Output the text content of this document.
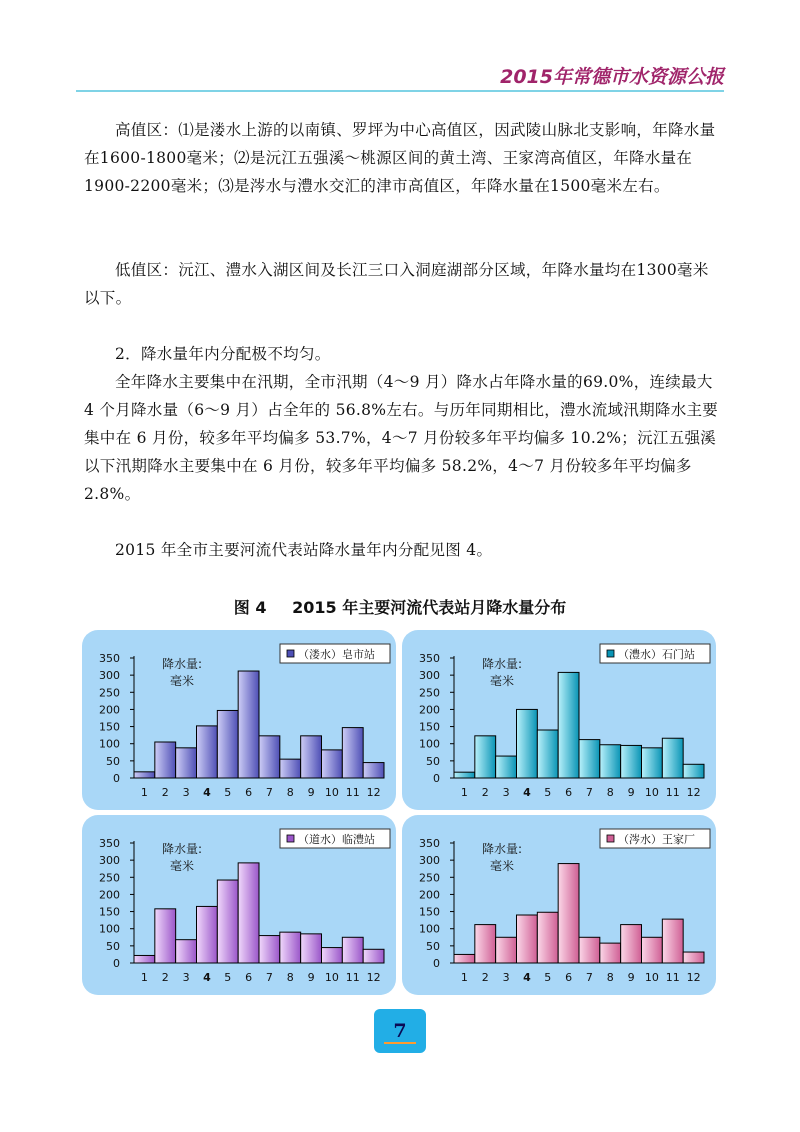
2015年常德市水资源公报

高值区：⑴是溇水上游的以南镇、罗坪为中心高值区，因武陵山脉北支影响，年降水量在1600-1800毫米；⑵是沅江五强溪～桃源区间的黄土湾、王家湾高值区，年降水量在1900-2200毫米；⑶是涔水与澧水交汇的津市高值区，年降水量在1500毫米左右。

低值区：沅江、澧水入湖区间及长江三口入洞庭湖部分区域，年降水量均在1300毫米以下。

2．降水量年内分配极不均匀。

全年降水主要集中在汛期，全市汛期（4～9 月）降水占年降水量的69.0%，连续最大 4 个月降水量（6～9 月）占全年的 56.8%左右。与历年同期相比，澧水流域汛期降水主要集中在 6 月份，较多年平均偏多 53.7%，4～7 月份较多年平均偏多 10.2%；沅江五强溪以下汛期降水主要集中在 6 月份，较多年平均偏多 58.2%，4～7 月份较多年平均偏多 2.8%。

2015 年全市主要河流代表站降水量年内分配见图 4。

图 4 2015 年主要河流代表站月降水量分布
0
50
100
150
200
250
300
350
1 2 3 4 5 6 7 8 9 10 11 12
降水量:
毫米
（溇水）皂市站
0
50
100
150
200
250
300
350
1 2 3 4 5 6 7 8 9 10 11 12
降水量:
毫米
（澧水）石门站
0
50
100
150
200
250
300
350
1 2 3 4 5 6 7 8 9 10 11 12
降水量:
毫米
（道水）临澧站
0
50
100
150
200
250
300
350
1 2 3 4 5 6 7 8 9 10 11 12
降水量:
毫米
（涔水）王家厂
7
